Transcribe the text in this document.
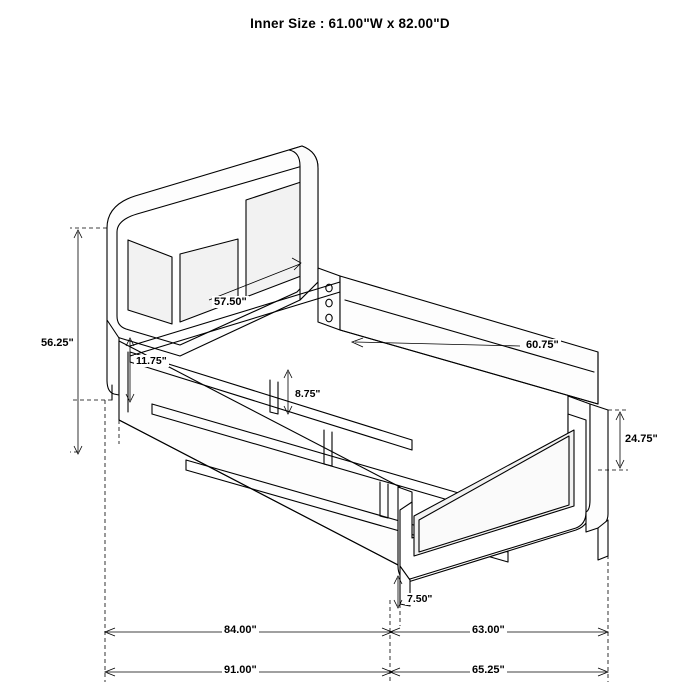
Inner Size : 61.00"W x 82.00"D
56.25"
57.50"
11.75"
8.75"
60.75"
24.75"
7.50"
84.00"	63.00"
91.00"	65.25"
